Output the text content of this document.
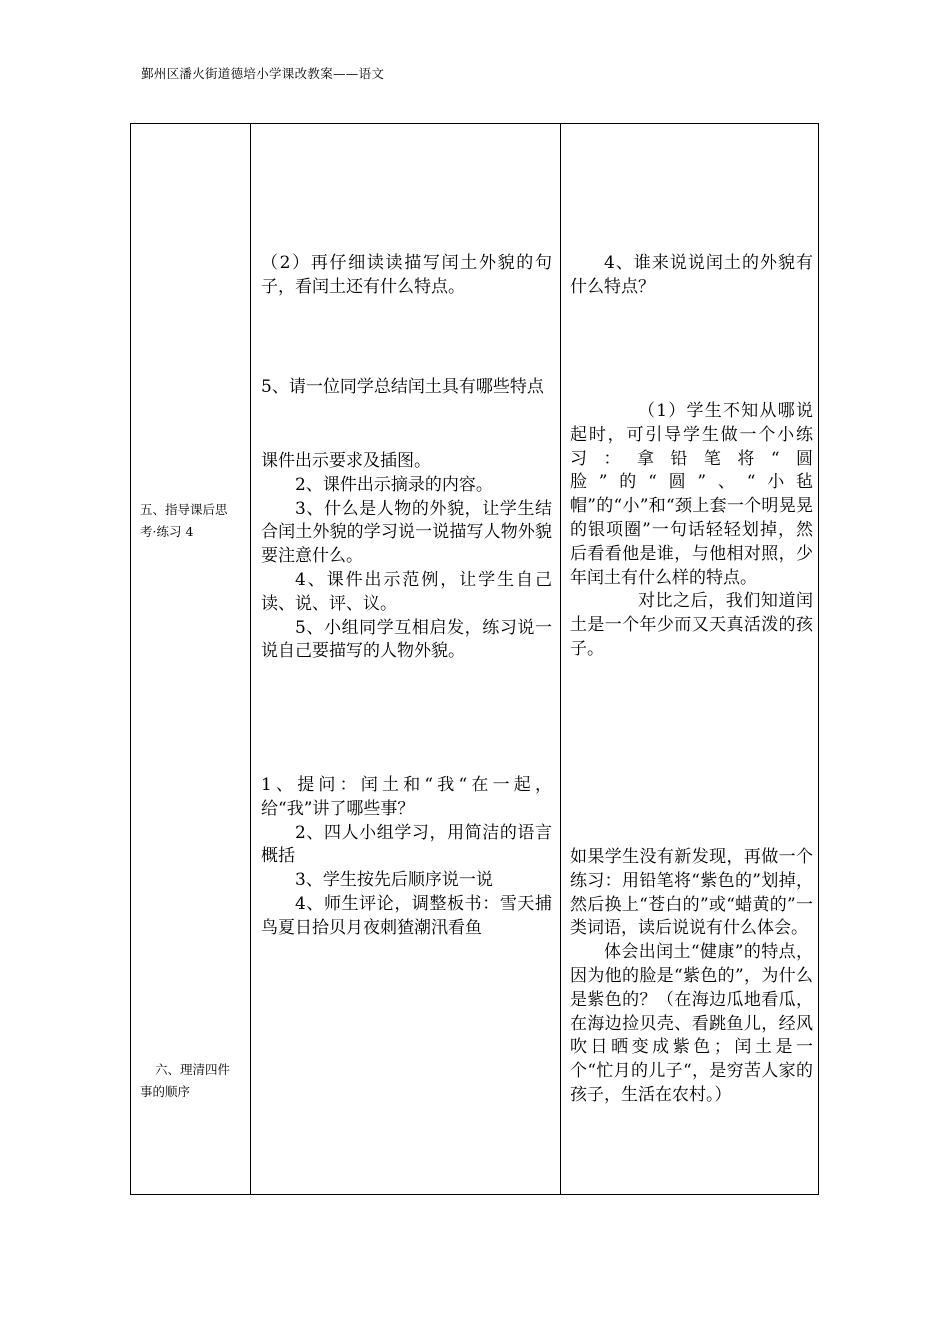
鄞州区潘火街道德培小学课改教案——语文

五、指导课后思

考·练习 4

六、理清四件

事的顺序

（2）再仔细读读描写闰土外貌的句子，看闰土还有什么特点。

5、请一位同学总结闰土具有哪些特点

课件出示要求及插图。

2、课件出示摘录的内容。

3、什么是人物的外貌，让学生结合闰土外貌的学习说一说描写人物外貌要注意什么。

4、课件出示范例，让学生自己读、说、评、议。

5、小组同学互相启发，练习说一说自己要描写的人物外貌。

1、提问：闰土和“我“在一起，给“我”讲了哪些事？

2、四人小组学习，用简洁的语言概括

3、学生按先后顺序说一说

4、师生评论，调整板书：雪天捕鸟夏日拾贝月夜刺猹潮汛看鱼

4、谁来说说闰土的外貌有什么特点？

（1）学生不知从哪说起时，可引导学生做一个小练习：拿铅笔将“圆脸”的“圆”、“小毡帽”的“小”和“颈上套一个明晃晃的银项圈”一句话轻轻划掉，然后看看他是谁，与他相对照，少年闰土有什么样的特点。

对比之后，我们知道闰土是一个年少而又天真活泼的孩子。

如果学生没有新发现，再做一个练习：用铅笔将“紫色的”划掉，然后换上“苍白的”或“蜡黄的”一类词语，读后说说有什么体会。

体会出闰土“健康”的特点，因为他的脸是“紫色的”，为什么是紫色的？（在海边瓜地看瓜，在海边捡贝壳、看跳鱼儿，经风吹日晒变成紫色；闰土是一个“忙月的儿子“，是穷苦人家的孩子，生活在农村。）
